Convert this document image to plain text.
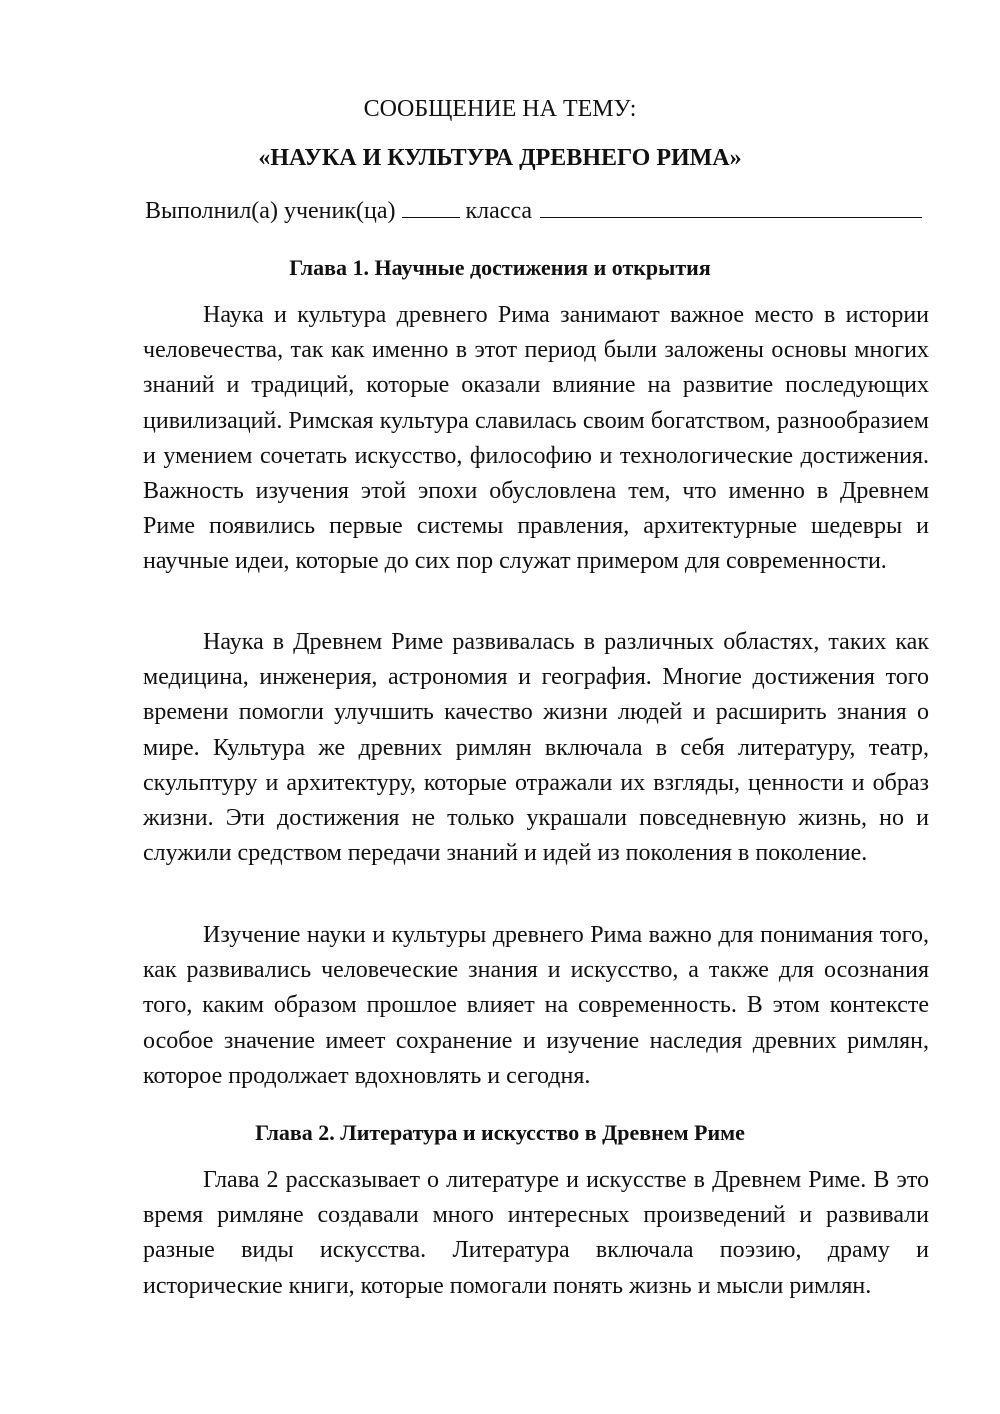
СООБЩЕНИЕ НА ТЕМУ:
«НАУКА И КУЛЬТУРА ДРЕВНЕГО РИМА»
Выполнил(а) ученик(ца)	класса
Глава 1. Научные достижения и открытия

Наука и культура древнего Рима занимают важное место в истории человечества, так как именно в этот период были заложены основы многих знаний и традиций, которые оказали влияние на развитие последующих цивилизаций. Римская культура славилась своим богатством, разнообразием и умением сочетать искусство, философию и технологические достижения. Важность изучения этой эпохи обусловлена тем, что именно в Древнем Риме появились первые системы правления, архитектурные шедевры и научные идеи, которые до сих пор служат примером для современности.

Наука в Древнем Риме развивалась в различных областях, таких как медицина, инженерия, астрономия и география. Многие достижения того времени помогли улучшить качество жизни людей и расширить знания о мире. Культура же древних римлян включала в себя литературу, театр, скульптуру и архитектуру, которые отражали их взгляды, ценности и образ жизни. Эти достижения не только украшали повседневную жизнь, но и служили средством передачи знаний и идей из поколения в поколение.

Изучение науки и культуры древнего Рима важно для понимания того, как развивались человеческие знания и искусство, а также для осознания того, каким образом прошлое влияет на современность. В этом контексте особое значение имеет сохранение и изучение наследия древних римлян, которое продолжает вдохновлять и сегодня.

Глава 2. Литература и искусство в Древнем Риме

Глава 2 рассказывает о литературе и искусстве в Древнем Риме. В это время римляне создавали много интересных произведений и развивали разные виды искусства. Литература включала поэзию, драму и исторические книги, которые помогали понять жизнь и мысли римлян.
